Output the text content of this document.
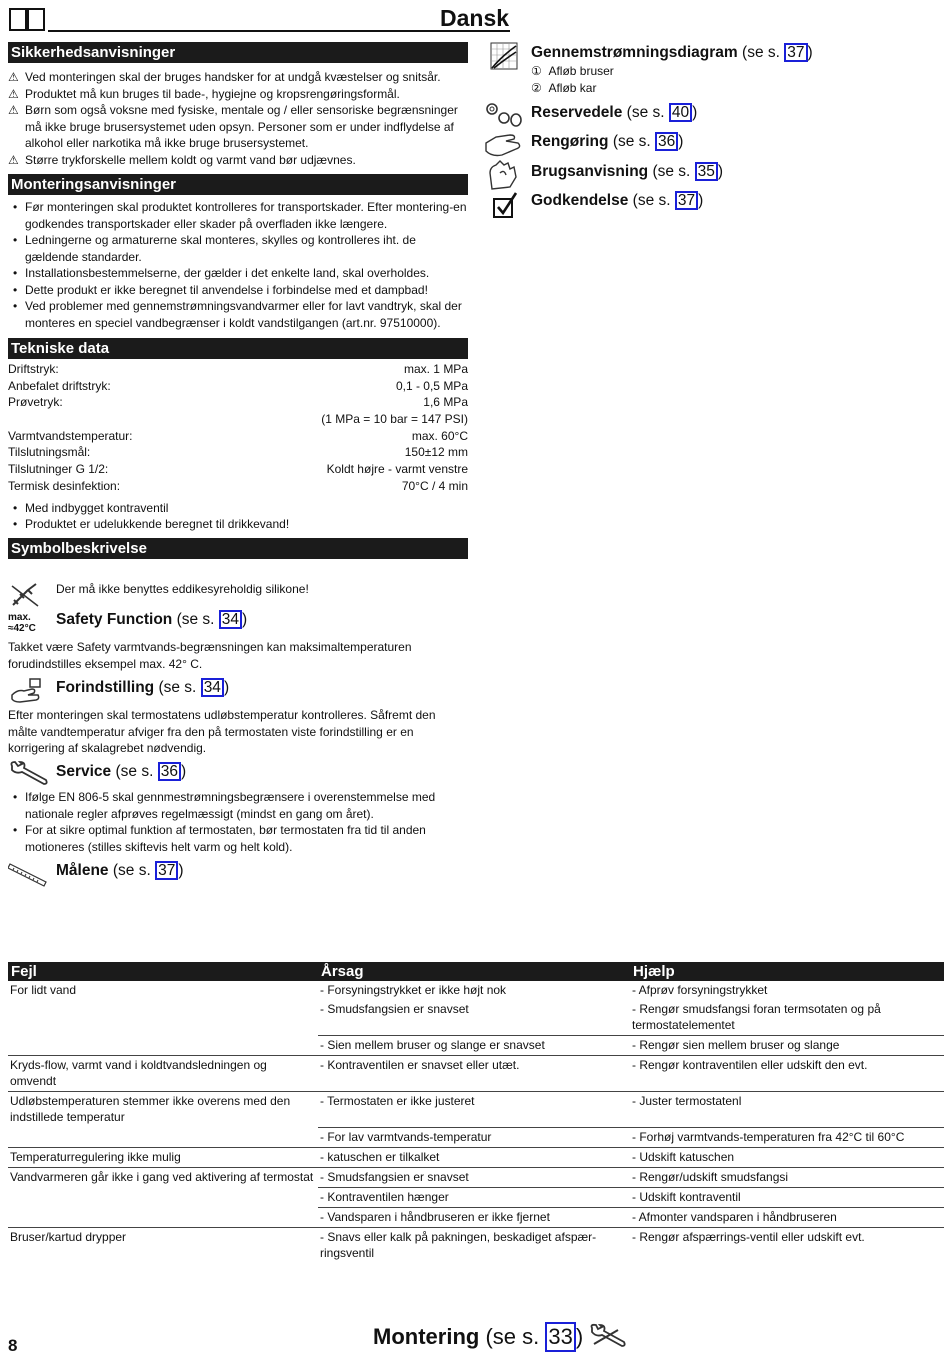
Dansk
Sikkerhedsanvisninger
⚠ Ved monteringen skal der bruges handsker for at undgå kvæstelser og snitsår.
⚠ Produktet må kun bruges til bade-, hygiejne og kropsrengøringsformål.
⚠ Børn som også voksne med fysiske, mentale og / eller sensoriske begrænsninger må ikke bruge brusersystemet uden opsyn. Personer som er under indflydelse af alkohol eller narkotika må ikke bruge brusersystemet.
⚠ Større trykforskelle mellem koldt og varmt vand bør udjævnes.
Monteringsanvisninger
• Før monteringen skal produktet kontrolleres for transportskader. Efter montering-en godkendes transportskader eller skader på overfladen ikke længere.
• Ledningerne og armaturerne skal monteres, skylles og kontrolleres iht. de gældende standarder.
• Installationsbestemmelserne, der gælder i det enkelte land, skal overholdes.
• Dette produkt er ikke beregnet til anvendelse i forbindelse med et dampbad!
• Ved problemer med gennemstrømningsvandvarmer eller for lavt vandtryk, skal der monteres en speciel vandbegrænser i koldt vandstilgangen (art.nr. 97510000).
Tekniske data
Driftstryk:	max. 1 MPa
Anbefalet driftstryk:	0,1 - 0,5 MPa
Prøvetryk:	1,6 MPa
(1 MPa = 10 bar = 147 PSI)
Varmtvandstemperatur:	max. 60°C
Tilslutningsmål:	150±12 mm
Tilslutninger G 1/2:	Koldt højre - varmt venstre
Termisk desinfektion:	70°C / 4 min
• Med indbygget kontraventil
• Produktet er udelukkende beregnet til drikkevand!
Symbolbeskrivelse
Der må ikke benyttes eddikesyreholdig silikone!
max.
≈42°C
Safety Function (se s. 34 )
Takket være Safety varmtvands-begrænsningen kan maksimaltemperaturen forudindstilles eksempel max. 42° C.
Forindstilling (se s. 34 )
Efter monteringen skal termostatens udløbstemperatur kontrolleres. Såfremt den målte vandtemperatur afviger fra den på termostaten viste forindstilling er en korrigering af skalagrebet nødvendig.
Service (se s. 36 )
• Ifølge EN 806-5 skal gennmestrømningsbegrænsere i overenstemmelse med nationale regler afprøves regelmæssigt (mindst en gang om året).
• For at sikre optimal funktion af termostaten, bør termostaten fra tid til anden motioneres (stilles skiftevis helt varm og helt kold).
Målene (se s. 37 )
Gennemstrømningsdiagram (se s. 37 )
① Afløb bruser
② Afløb kar
Reservedele (se s. 40 )
Rengøring (se s. 36 )
Brugsanvisning (se s. 35 )
Godkendelse (se s. 37 )
Fejl	Årsag	Hjælp
For lidt vand	- Forsyningstrykket er ikke højt nok	- Afprøv forsyningstrykket
	- Smudsfangsien er snavset	- Rengør smudsfangsi foran termsotaten og på termostatelementet
	- Sien mellem bruser og slange er snavset	- Rengør sien mellem bruser og slange
Kryds-flow, varmt vand i koldtvandsledningen og omvendt	- Kontraventilen er snavset eller utæt.	- Rengør kontraventilen eller udskift den evt.
Udløbstemperaturen stemmer ikke overens med den indstillede temperatur	- Termostaten er ikke justeret	- Juster termostatenl
	- For lav varmtvands-temperatur	- Forhøj varmtvands-temperaturen fra 42°C til 60°C
Temperaturregulering ikke mulig	- katuschen er tilkalket	- Udskift katuschen
Vandvarmeren går ikke i gang ved aktivering af termostat	- Smudsfangsien er snavset	- Rengør/udskift smudsfangsi
	- Kontraventilen hænger	- Udskift kontraventil
	- Vandsparen i håndbruseren er ikke fjernet	- Afmonter vandsparen i håndbruseren
Bruser/kartud drypper	- Snavs eller kalk på pakningen, beskadiget afspær-ringsventil	- Rengør afspærrings-ventil eller udskift evt.
8	Montering (se s. 33 )
